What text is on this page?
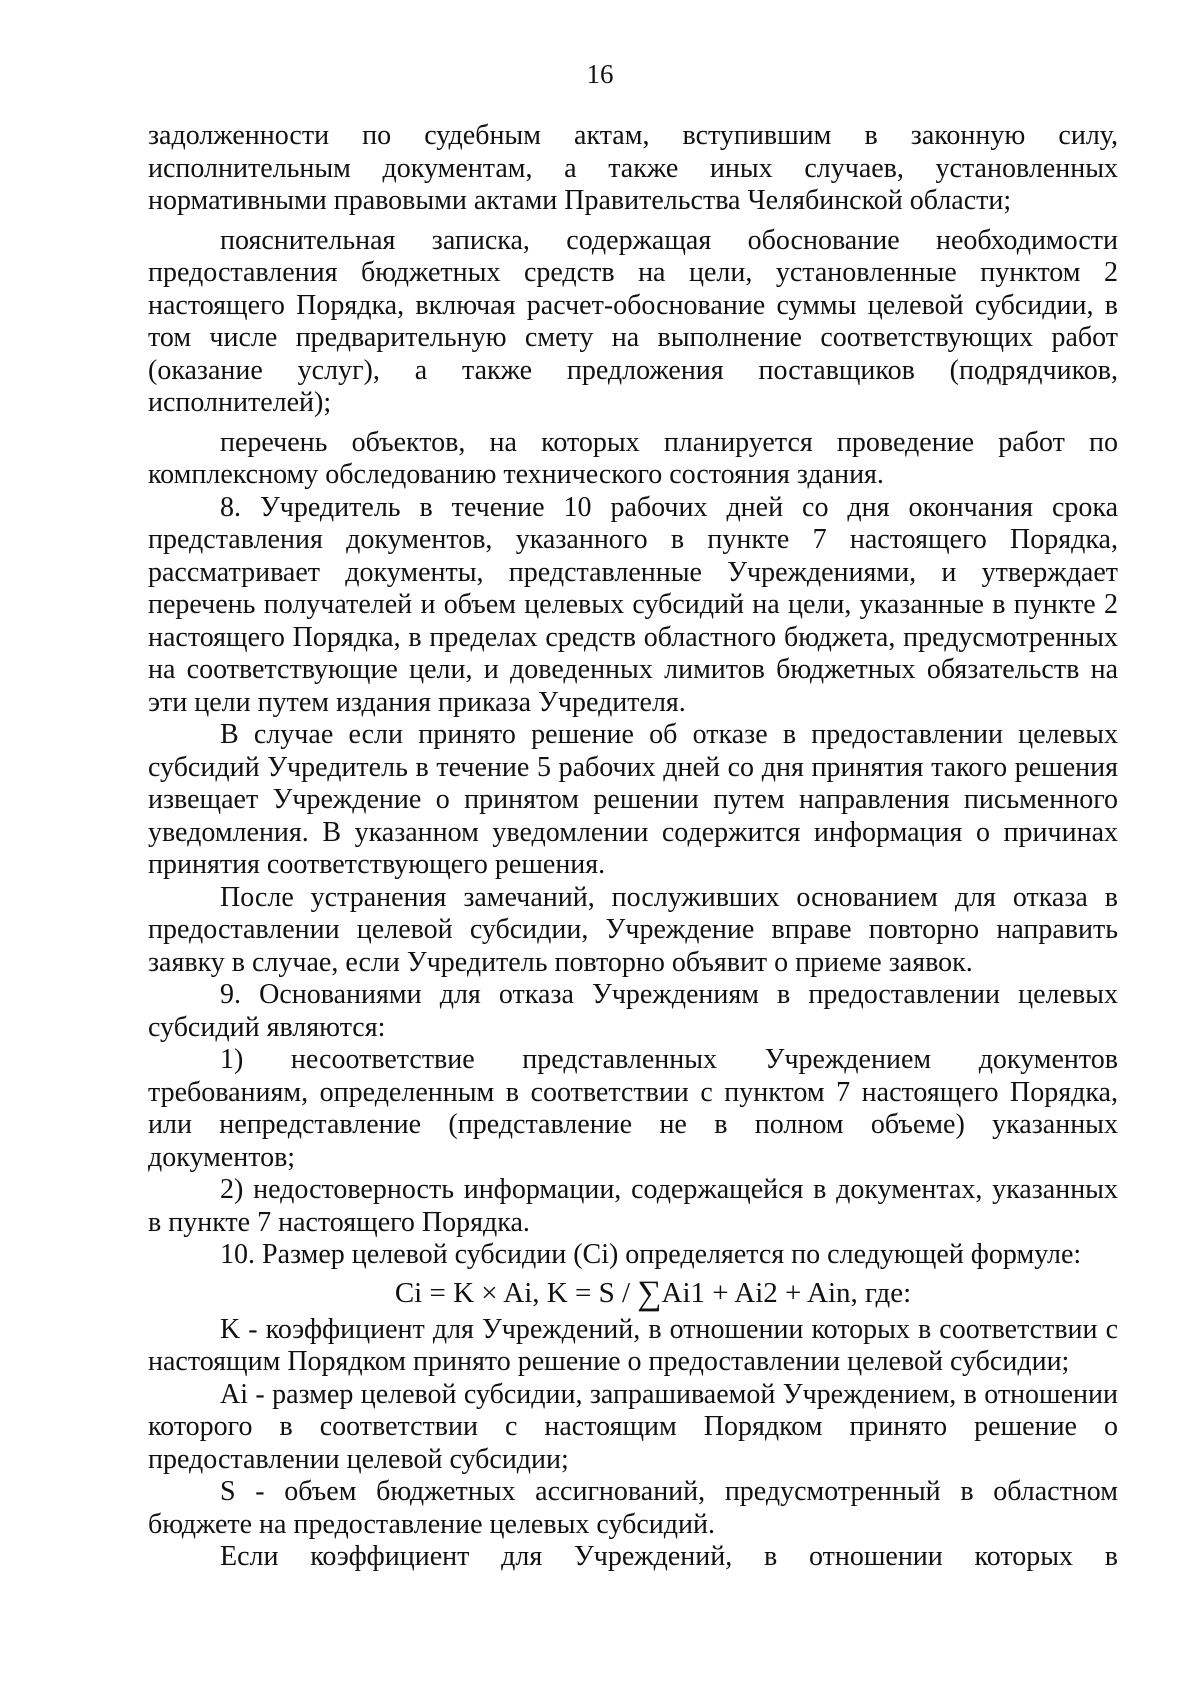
16

задолженности по судебным актам, вступившим в законную силу, исполнительным документам, а также иных случаев, установленных нормативными правовыми актами Правительства Челябинской области;

пояснительная записка, содержащая обоснование необходимости предоставления бюджетных средств на цели, установленные пунктом 2 настоящего Порядка, включая расчет-обоснование суммы целевой субсидии, в том числе предварительную смету на выполнение соответствующих работ (оказание услуг), а также предложения поставщиков (подрядчиков, исполнителей);

перечень объектов, на которых планируется проведение работ по комплексному обследованию технического состояния здания.

8. Учредитель в течение 10 рабочих дней со дня окончания срока представления документов, указанного в пункте 7 настоящего Порядка, рассматривает документы, представленные Учреждениями, и утверждает перечень получателей и объем целевых субсидий на цели, указанные в пункте 2 настоящего Порядка, в пределах средств областного бюджета, предусмотренных на соответствующие цели, и доведенных лимитов бюджетных обязательств на эти цели путем издания приказа Учредителя.

В случае если принято решение об отказе в предоставлении целевых субсидий Учредитель в течение 5 рабочих дней со дня принятия такого решения извещает Учреждение о принятом решении путем направления письменного уведомления. В указанном уведомлении содержится информация о причинах принятия соответствующего решения.

После устранения замечаний, послуживших основанием для отказа в предоставлении целевой субсидии, Учреждение вправе повторно направить заявку в случае, если Учредитель повторно объявит о приеме заявок.

9. Основаниями для отказа Учреждениям в предоставлении целевых субсидий являются:

1) несоответствие представленных Учреждением документов требованиям, определенным в соответствии с пунктом 7 настоящего Порядка, или непредставление (представление не в полном объеме) указанных документов;

2) недостоверность информации, содержащейся в документах, указанных в пункте 7 настоящего Порядка.

10. Размер целевой субсидии (Ci) определяется по следующей формуле:

Ci = K × Ai, K = S / ∑Ai1 + Ai2 + Ain, где:

K - коэффициент для Учреждений, в отношении которых в соответствии с настоящим Порядком принято решение о предоставлении целевой субсидии;

Ai - размер целевой субсидии, запрашиваемой Учреждением, в отношении которого в соответствии с настоящим Порядком принято решение о предоставлении целевой субсидии;

S - объем бюджетных ассигнований, предусмотренный в областном бюджете на предоставление целевых субсидий.

Если коэффициент для Учреждений, в отношении которых в
